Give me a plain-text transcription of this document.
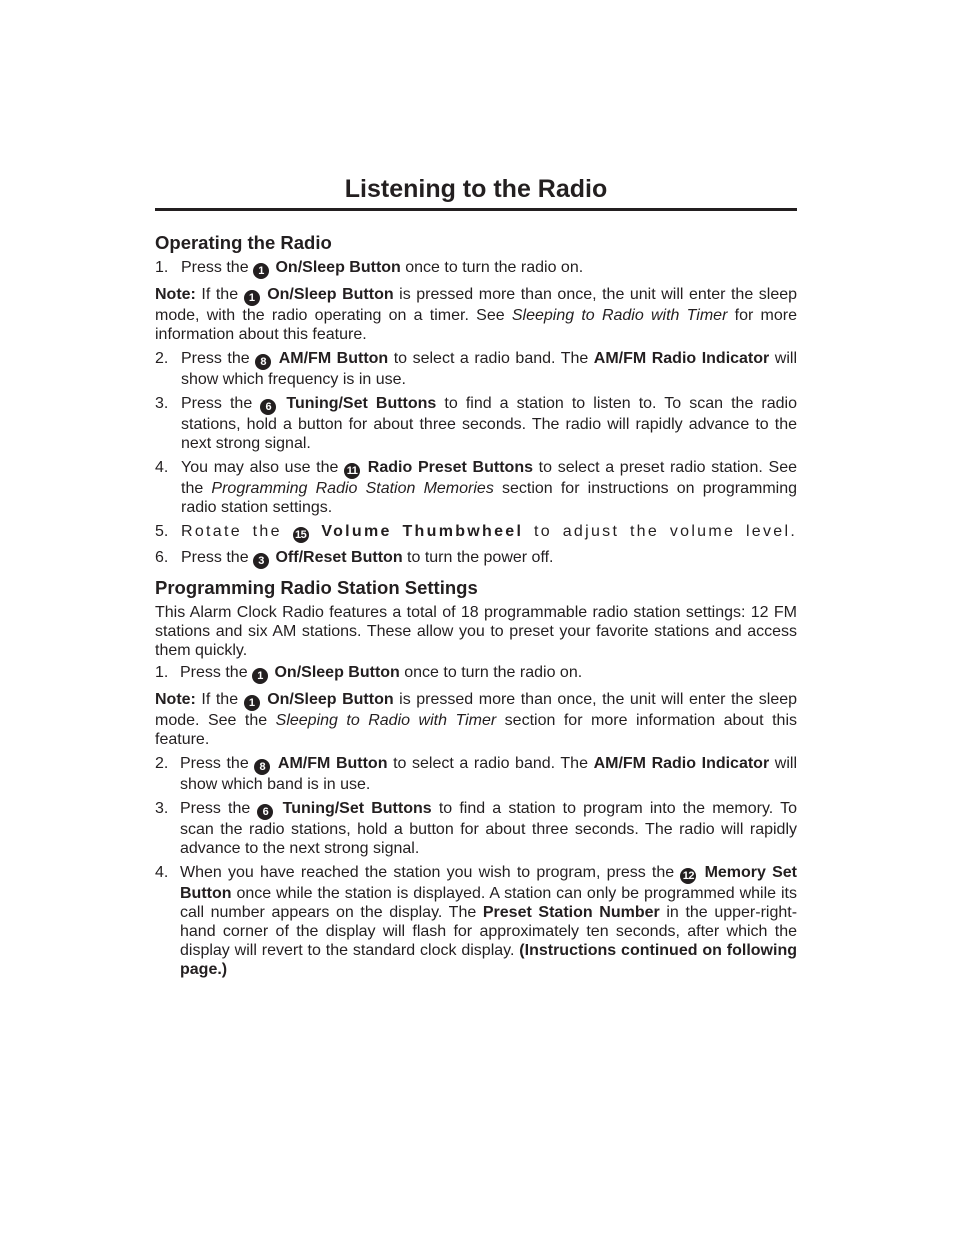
Listening to the Radio
Operating the Radio

1. Press the 1 On/Sleep Button once to turn the radio on.

Note: If the 1 On/Sleep Button is pressed more than once, the unit will enter the sleep mode, with the radio operating on a timer. See Sleeping to Radio with Timer for more information about this feature.

2. Press the 8 AM/FM Button to select a radio band. The AM/FM Radio Indicator will show which frequency is in use.

3. Press the 6 Tuning/Set Buttons to find a station to listen to. To scan the radio stations, hold a button for about three seconds. The radio will rapidly advance to the next strong signal.

4. You may also use the 11 Radio Preset Buttons to select a preset radio station. See the Programming Radio Station Memories section for instructions on programming radio station settings.

5. Rotate the 15 Volume Thumbwheel to adjust the volume level.

6. Press the 3 Off/Reset Button to turn the power off.

Programming Radio Station Settings

This Alarm Clock Radio features a total of 18 programmable radio station settings: 12 FM stations and six AM stations. These allow you to preset your favorite stations and access them quickly.

1. Press the 1 On/Sleep Button once to turn the radio on.

Note: If the 1 On/Sleep Button is pressed more than once, the unit will enter the sleep mode. See the Sleeping to Radio with Timer section for more information about this feature.

2. Press the 8 AM/FM Button to select a radio band. The AM/FM Radio Indicator will show which band is in use.

3. Press the 6 Tuning/Set Buttons to find a station to program into the memory. To scan the radio stations, hold a button for about three seconds. The radio will rapidly advance to the next strong signal.

4. When you have reached the station you wish to program, press the 12 Memory Set Button once while the station is displayed. A station can only be programmed while its call number appears on the display. The Preset Station Number in the upper-right-hand corner of the display will flash for approximately ten seconds, after which the display will revert to the standard clock display. (Instructions continued on following page.)
